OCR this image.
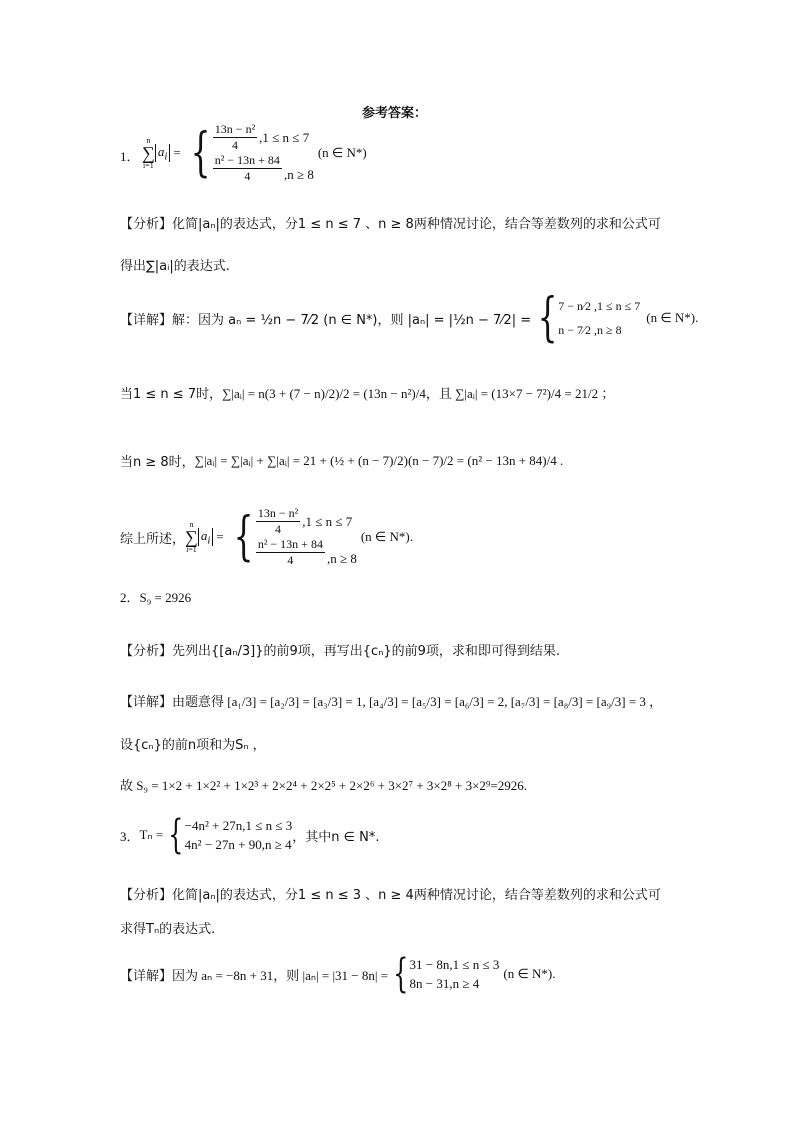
参考答案：
1．
n
∑
i=1
$a_i$ = { $\frac{\text{13n − n²}}{4} ,1 \le n \le 7$
$\frac{\text{n² − 13n + 84}}{4} ,n \ge 8$
(n ∈ N*)
【分析】化简|aₙ|的表达式，分1 ≤ n ≤ 7 、n ≥ 8两种情况讨论，结合等差数列的求和公式可
得出∑|aᵢ|的表达式.
【详解】 解：因为 aₙ = ½n − 7⁄2 (n ∈ N*)，则 |aₙ| = |½n − 7⁄2| = { 7 − n⁄2 ,1 ≤ n ≤ 7
n − 7⁄2 ,n ≥ 8
(n ∈ N*).
当1 ≤ n ≤ 7时， ∑|aᵢ| = n(3 + (7 − n)/2)/2 = (13n − n²)/4，且 ∑|aᵢ| = (13×7 − 7²)/4 = 21/2 ；
当n ≥ 8时， ∑|aᵢ| = ∑|aᵢ| + ∑|aᵢ| = 21 + (½ + (n − 7)/2)(n − 7)/2 = (n² − 13n + 84)/4 .
综上所述，
n
∑
i=1
$a_i$ = { $\frac{\text{13n − n²}}{4} ,1 \le n \le 7$
$\frac{\text{n² − 13n + 84}}{4} ,n \ge 8$
(n ∈ N*).
2．S₉ = 2926
【分析】先列出{[aₙ/3]}的前9项，再写出{cₙ}的前9项，求和即可得到结果.
【详解】由题意得 [a₁/3] = [a₂/3] = [a₃/3] = 1, [a₄/3] = [a₅/3] = [a₆/3] = 2, [a₇/3] = [a₈/3] = [a₉/3] = 3 ，
设{cₙ}的前n项和为Sₙ ，
故 S₉ = 1×2 + 1×2² + 1×2³ + 2×2⁴ + 2×2⁵ + 2×2⁶ + 3×2⁷ + 3×2⁸ + 3×2⁹=2926.
3． Tₙ = { −4n² + 27n,1 ≤ n ≤ 3
4n² − 27n + 90,n ≥ 4 ，其中n ∈ N*.
【分析】化简|aₙ|的表达式，分1 ≤ n ≤ 3 、n ≥ 4两种情况讨论，结合等差数列的求和公式可
求得Tₙ的表达式.
【详解】 因为 aₙ = −8n + 31，则 |aₙ| = |31 − 8n| = { 31 − 8n,1 ≤ n ≤ 3
8n − 31,n ≥ 4
(n ∈ N*).
